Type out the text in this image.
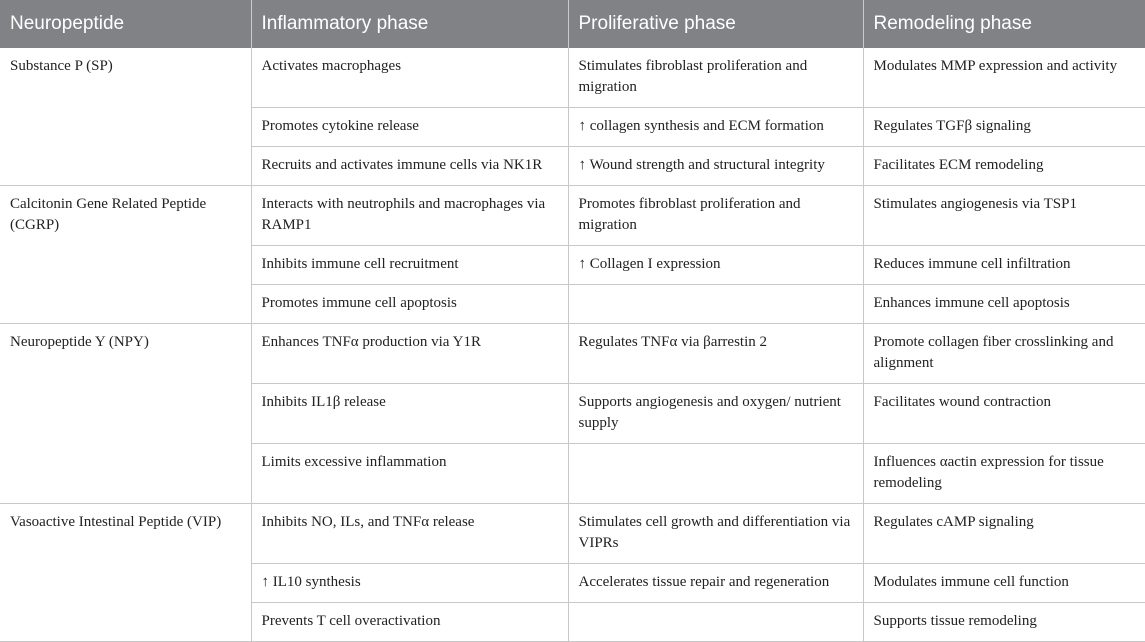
Neuropeptide	Inflammatory phase	Proliferative phase	Remodeling phase
Substance P (SP)	Activates macrophages	Stimulates fibroblast proliferation and migration	Modulates MMP expression and activity
	Promotes cytokine release	↑ collagen synthesis and ECM formation	Regulates TGFβ signaling
	Recruits and activates immune cells via NK1R	↑ Wound strength and structural integrity	Facilitates ECM remodeling
Calcitonin Gene Related Peptide (CGRP)	Interacts with neutrophils and macrophages via RAMP1	Promotes fibroblast proliferation and migration	Stimulates angiogenesis via TSP1
	Inhibits immune cell recruitment	↑ Collagen I expression	Reduces immune cell infiltration
	Promotes immune cell apoptosis		Enhances immune cell apoptosis
Neuropeptide Y (NPY)	Enhances TNFα production via Y1R	Regulates TNFα via βarrestin 2	Promote collagen fiber crosslinking and alignment
	Inhibits IL1β release	Supports angiogenesis and oxygen/ nutrient supply	Facilitates wound contraction
	Limits excessive inflammation		Influences αactin expression for tissue remodeling
Vasoactive Intestinal Peptide (VIP)	Inhibits NO, ILs, and TNFα release	Stimulates cell growth and differentiation via VIPRs	Regulates cAMP signaling
	↑ IL10 synthesis	Accelerates tissue repair and regeneration	Modulates immune cell function
	Prevents T cell overactivation		Supports tissue remodeling
